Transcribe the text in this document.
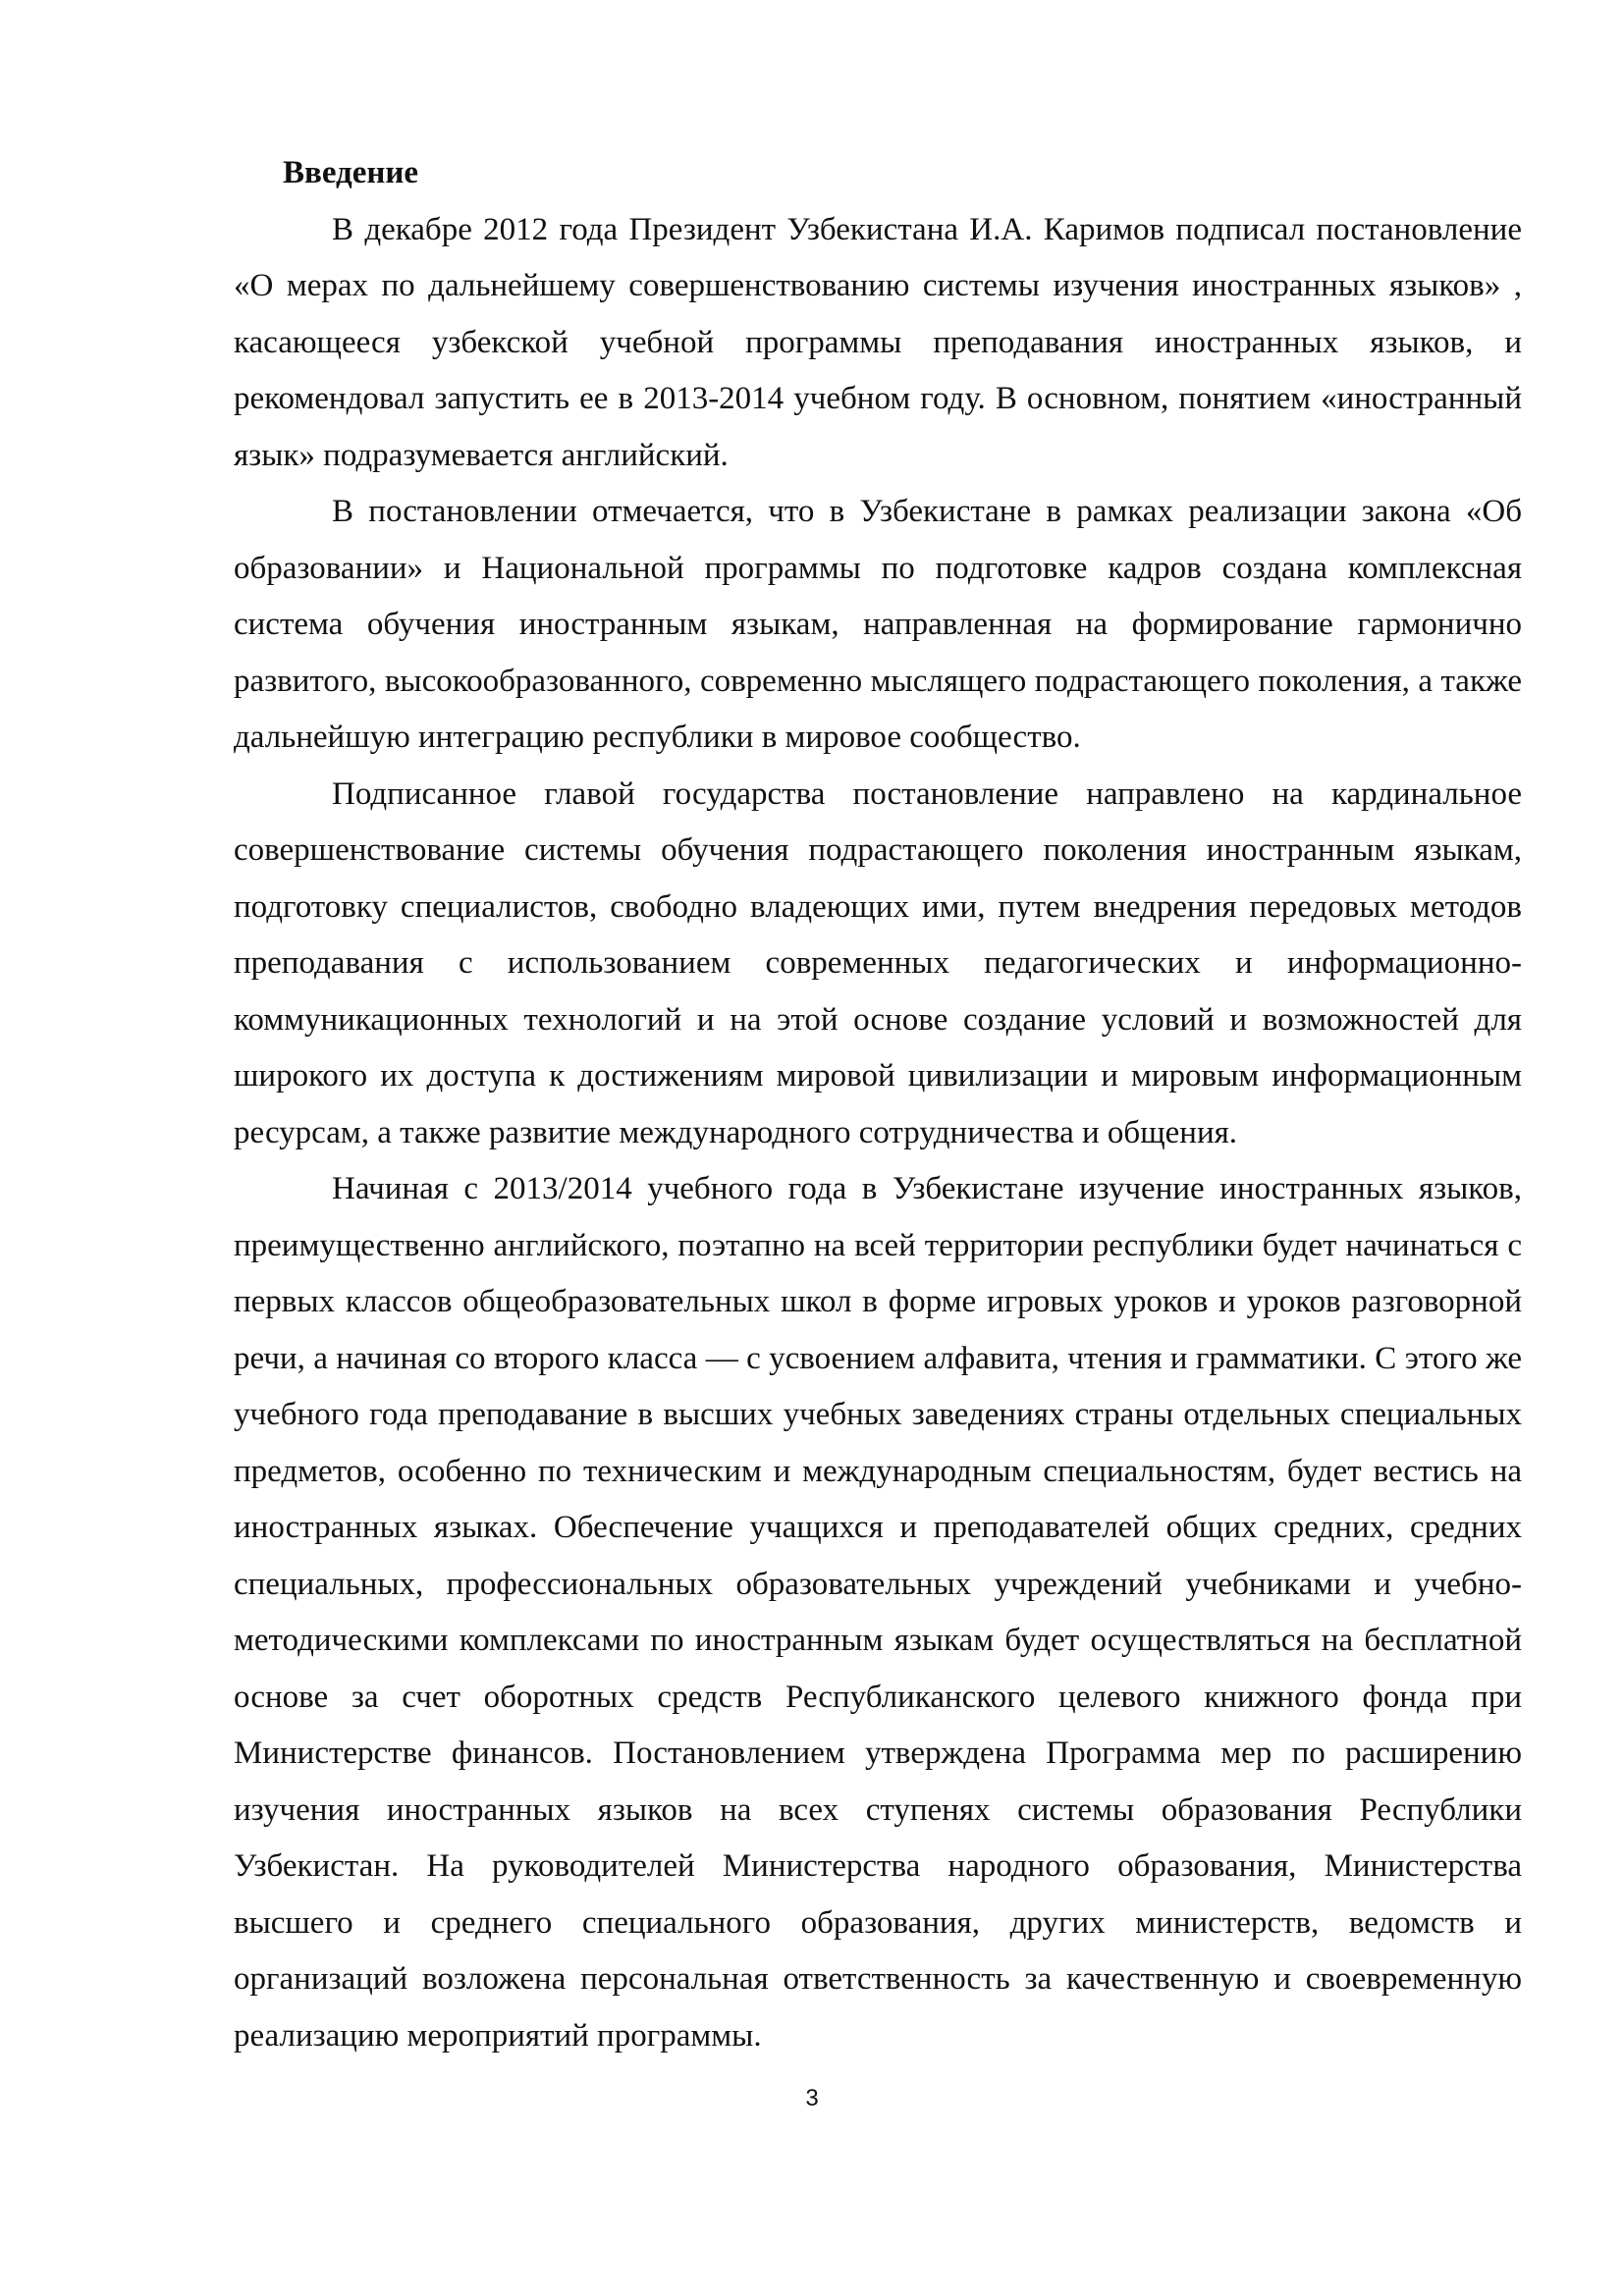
Введение

В декабре 2012 года Президент Узбекистана И.А. Каримов подписал постановление «О мерах по дальнейшему совершенствованию системы изучения иностранных языков» , касающееся узбекской учебной программы преподавания иностранных языков, и рекомендовал запустить ее в 2013-2014 учебном году. В основном, понятием «иностранный язык» подразумевается английский.

В постановлении отмечается, что в Узбекистане в рамках реализации закона «Об образовании» и Национальной программы по подготовке кадров создана комплексная система обучения иностранным языкам, направленная на формирование гармонично развитого, высокообразованного, современно мыслящего подрастающего поколения, а также дальнейшую интеграцию республики в мировое сообщество.

Подписанное главой государства постановление направлено на кардинальное совершенствование системы обучения подрастающего поколения иностранным языкам, подготовку специалистов, свободно владеющих ими, путем внедрения передовых методов преподавания с использованием современных педагогических и информационно-коммуникационных технологий и на этой основе создание условий и возможностей для широкого их доступа к достижениям мировой цивилизации и мировым информационным ресурсам, а также развитие международного сотрудничества и общения.

Начиная с 2013/2014 учебного года в Узбекистане изучение иностранных языков, преимущественно английского, поэтапно на всей территории республики будет начинаться с первых классов общеобразовательных школ в форме игровых уроков и уроков разговорной речи, а начиная со второго класса — с усвоением алфавита, чтения и грамматики. С этого же учебного года преподавание в высших учебных заведениях страны отдельных специальных предметов, особенно по техническим и международным специальностям, будет вестись на иностранных языках. Обеспечение учащихся и преподавателей общих средних, средних специальных, профессиональных образовательных учреждений учебниками и учебно-методическими комплексами по иностранным языкам будет осуществляться на бесплатной основе за счет оборотных средств Республиканского целевого книжного фонда при Министерстве финансов. Постановлением утверждена Программа мер по расширению изучения иностранных языков на всех ступенях системы образования Республики Узбекистан. На руководителей Министерства народного образования, Министерства высшего и среднего специального образования, других министерств, ведомств и организаций возложена персональная ответственность за качественную и своевременную реализацию мероприятий программы.

3
